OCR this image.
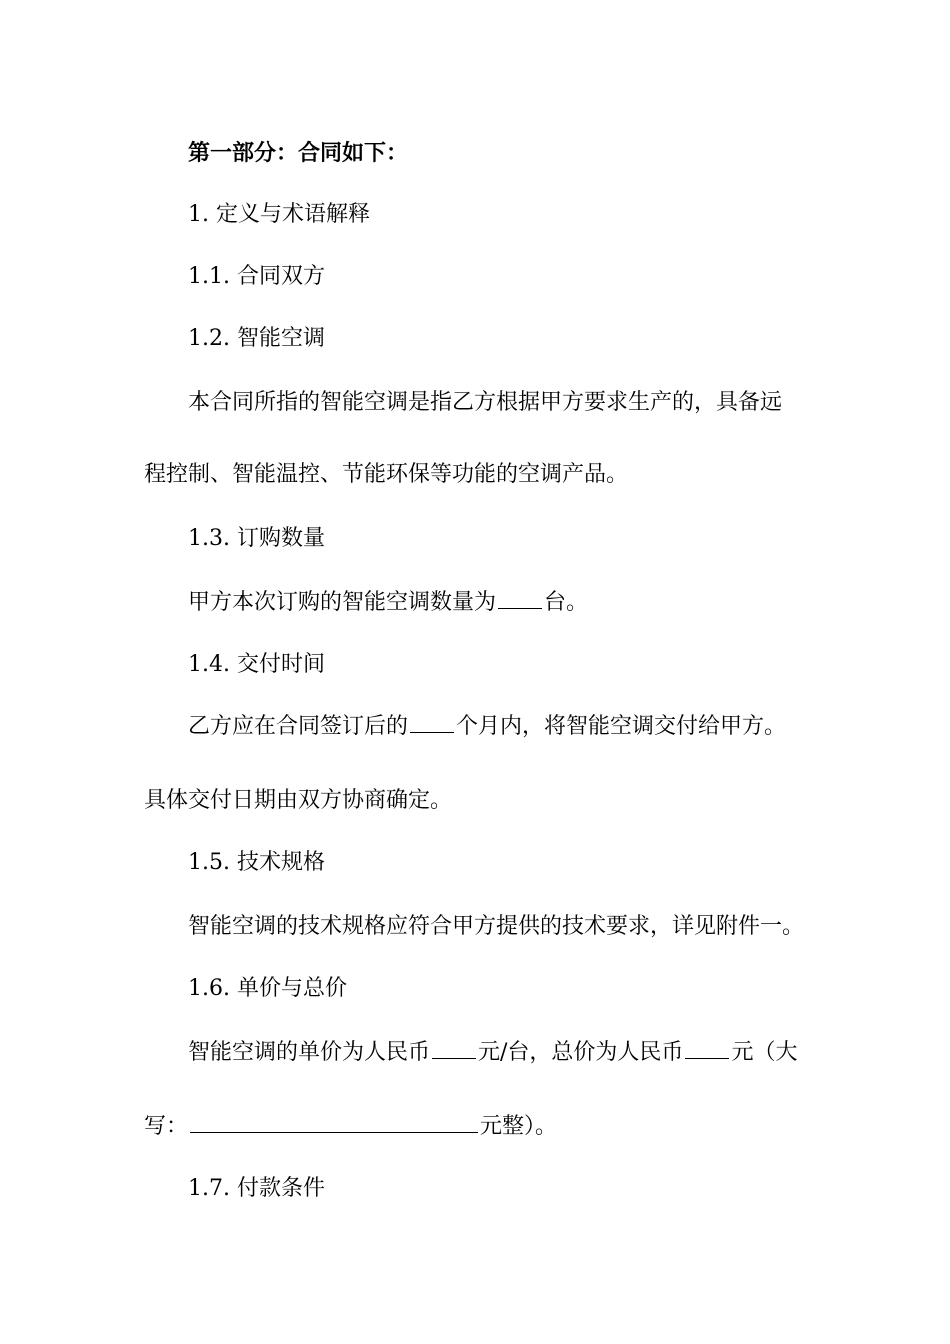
第一部分：合同如下：
1. 定义与术语解释
1.1. 合同双方
1.2. 智能空调
本合同所指的智能空调是指乙方根据甲方要求生产的，具备远
程控制、智能温控、节能环保等功能的空调产品。
1.3. 订购数量
甲方本次订购的智能空调数量为 台。
1.4. 交付时间
乙方应在合同签订后的 个月内，将智能空调交付给甲方。
具体交付日期由双方协商确定。
1.5. 技术规格
智能空调的技术规格应符合甲方提供的技术要求，详见附件一。
1.6. 单价与总价
智能空调的单价为人民币 元/台，总价为人民币 元（大
写：	元整）。
1.7. 付款条件
